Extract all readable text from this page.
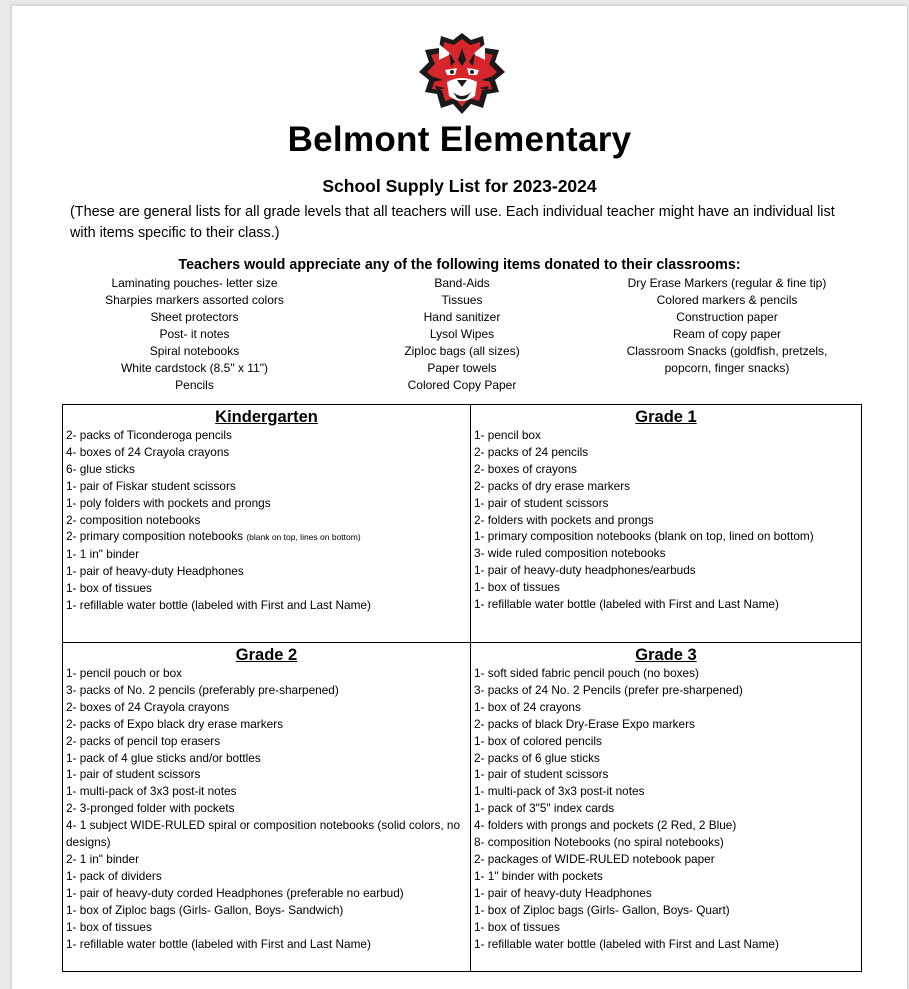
Belmont Elementary
School Supply List for 2023-2024
(These are general lists for all grade levels that all teachers will use. Each individual teacher might have an individual list with items specific to their class.)
Teachers would appreciate any of the following items donated to their classrooms:
Laminating pouches- letter size
Sharpies markers assorted colors
Sheet protectors
Post- it notes
Spiral notebooks
White cardstock (8.5" x 11")
Pencils
Band-Aids
Tissues
Hand sanitizer
Lysol Wipes
Ziploc bags (all sizes)
Paper towels
Colored Copy Paper
Dry Erase Markers (regular & fine tip)
Colored markers & pencils
Construction paper
Ream of copy paper
Classroom Snacks (goldfish, pretzels,
popcorn, finger snacks)
Kindergarten
2- packs of Ticonderoga pencils
4- boxes of 24 Crayola crayons
6- glue sticks
1- pair of Fiskar student scissors
1- poly folders with pockets and prongs
2- composition notebooks
2- primary composition notebooks (blank on top, lines on bottom)
1- 1 in" binder
1- pair of heavy-duty Headphones
1- box of tissues
1- refillable water bottle (labeled with First and Last Name)
Grade 1
1- pencil box
2- packs of 24 pencils
2- boxes of crayons
2- packs of dry erase markers
1- pair of student scissors
2- folders with pockets and prongs
1- primary composition notebooks (blank on top, lined on bottom)
3- wide ruled composition notebooks
1- pair of heavy-duty headphones/earbuds
1- box of tissues
1- refillable water bottle (labeled with First and Last Name)
Grade 2
1- pencil pouch or box
3- packs of No. 2 pencils (preferably pre-sharpened)
2- boxes of 24 Crayola crayons
2- packs of Expo black dry erase markers
2- packs of pencil top erasers
1- pack of 4 glue sticks and/or bottles
1- pair of student scissors
1- multi-pack of 3x3 post-it notes
2- 3-pronged folder with pockets
4- 1 subject WIDE-RULED spiral or composition notebooks (solid colors, no designs)
2- 1 in" binder
1- pack of dividers
1- pair of heavy-duty corded Headphones (preferable no earbud)
1- box of Ziploc bags (Girls- Gallon, Boys- Sandwich)
1- box of tissues
1- refillable water bottle (labeled with First and Last Name)
Grade 3
1- soft sided fabric pencil pouch (no boxes)
3- packs of 24 No. 2 Pencils (prefer pre-sharpened)
1- box of 24 crayons
2- packs of black Dry-Erase Expo markers
1- box of colored pencils
2- packs of 6 glue sticks
1- pair of student scissors
1- multi-pack of 3x3 post-it notes
1- pack of 3"5" index cards
4- folders with prongs and pockets (2 Red, 2 Blue)
8- composition Notebooks (no spiral notebooks)
2- packages of WIDE-RULED notebook paper
1- 1" binder with pockets
1- pair of heavy-duty Headphones
1- box of Ziploc bags (Girls- Gallon, Boys- Quart)
1- box of tissues
1- refillable water bottle (labeled with First and Last Name)
